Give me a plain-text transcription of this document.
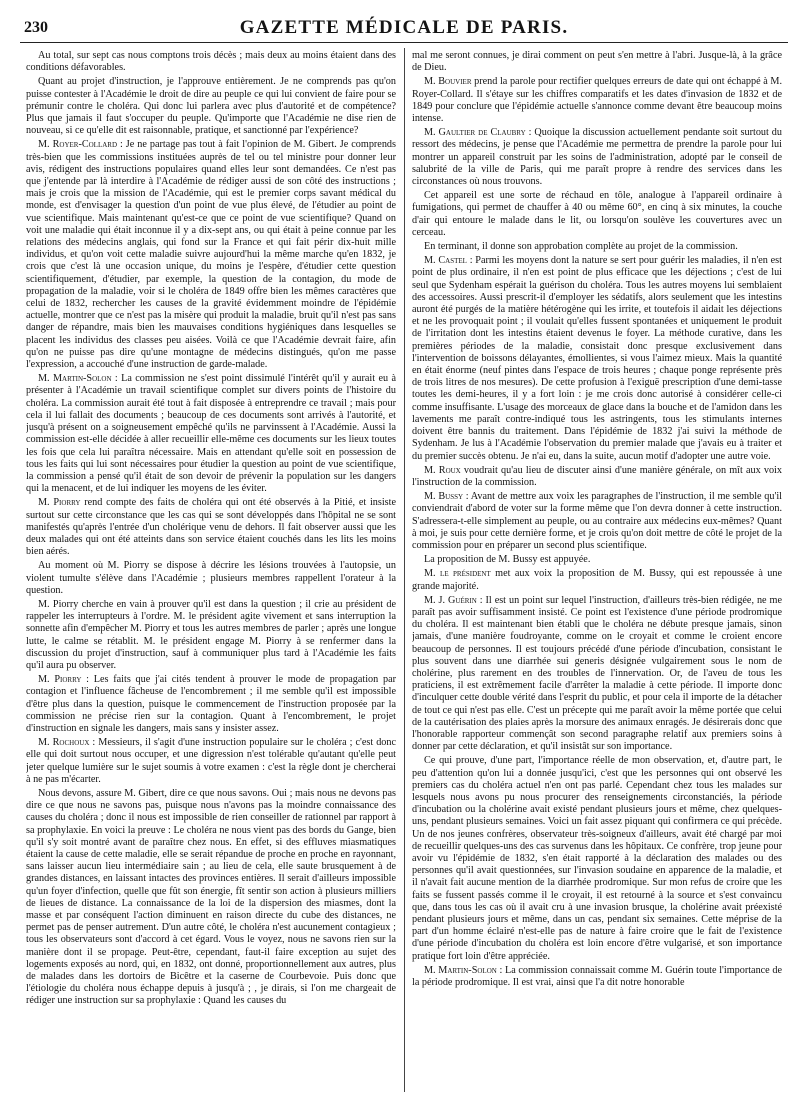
230	GAZETTE MÉDICALE DE PARIS.

Au total, sur sept cas nous comptons trois décès ; mais deux au moins étaient dans des conditions défavorables.

Quant au projet d'instruction, je l'approuve entièrement. Je ne comprends pas qu'on puisse contester à l'Académie le droit de dire au peuple ce qui lui convient de faire pour se prémunir contre le choléra. Qui donc lui parlera avec plus d'autorité et de compétence? Plus que jamais il faut s'occuper du peuple. Qu'importe que l'Académie ne dise rien de nouveau, si ce qu'elle dit est raisonnable, pratique, et sanctionné par l'expérience?

M. Royer-Collard : Je ne partage pas tout à fait l'opinion de M. Gibert. Je comprends très-bien que les commissions instituées auprès de tel ou tel ministre pour donner leur avis, rédigent des instructions populaires quand elles leur sont demandées. Ce n'est pas que j'entende par là interdire à l'Académie de rédiger aussi de son côté des instructions ; mais je crois que la mission de l'Académie, qui est le premier corps savant médical du monde, est d'envisager la question d'un point de vue plus élevé, de l'étudier au point de vue scientifique. Mais maintenant qu'est-ce que ce point de vue scientifique? Quand on voit une maladie qui était inconnue il y a dix-sept ans, ou qui était à peine connue par les relations des médecins anglais, qui fond sur la France et qui fait périr dix-huit mille individus, et qu'on voit cette maladie suivre aujourd'hui la même marche qu'en 1832, je crois que c'est là une occasion unique, du moins je l'espère, d'étudier cette question scientifiquement, d'étudier, par exemple, la question de la contagion, du mode de propagation de la maladie, voir si le choléra de 1849 offre bien les mêmes caractères que celui de 1832, rechercher les causes de la gravité évidemment moindre de l'épidémie actuelle, montrer que ce n'est pas la misère qui produit la maladie, bruit qu'il n'est pas sans danger de répandre, mais bien les mauvaises conditions hygiéniques dans lesquelles se placent les individus des classes peu aisées. Voilà ce que l'Académie devrait faire, afin qu'on ne puisse pas dire qu'une montagne de médecins distingués, qu'on me passe l'expression, a accouché d'une instruction de garde-malade.

M. Martin-Solon : La commission ne s'est point dissimulé l'intérêt qu'il y aurait eu à présenter à l'Académie un travail scientifique complet sur divers points de l'histoire du choléra. La commission aurait été tout à fait disposée à entreprendre ce travail ; mais pour cela il lui fallait des documents ; beaucoup de ces documents sont arrivés à l'autorité, et jusqu'à présent on a soigneusement empêché qu'ils ne parvinssent à l'Académie. Aussi la commission est-elle décidée à aller recueillir elle-même ces documents sur les lieux toutes les fois que cela lui paraîtra nécessaire. Mais en attendant qu'elle soit en possession de tous les faits qui lui sont nécessaires pour étudier la question au point de vue scientifique, la commission a pensé qu'il était de son devoir de prévenir la population sur les dangers qui la menacent, et de lui indiquer les moyens de les éviter.

M. Piorry rend compte des faits de choléra qui ont été observés à la Pitié, et insiste surtout sur cette circonstance que les cas qui se sont développés dans l'hôpital ne se sont manifestés qu'après l'entrée d'un cholérique venu de dehors. Il fait observer aussi que les deux malades qui ont été atteints dans son service étaient couchés dans les lits les moins bien aérés.

Au moment où M. Piorry se dispose à décrire les lésions trouvées à l'autopsie, un violent tumulte s'élève dans l'Académie ; plusieurs membres rappellent l'orateur à la question.

M. Piorry cherche en vain à prouver qu'il est dans la question ; il crie au président de rappeler les interrupteurs à l'ordre. M. le président agite vivement et sans interruption la sonnette afin d'empêcher M. Piorry et tous les autres membres de parler ; après une longue lutte, le calme se rétablit. M. le président engage M. Piorry à se renfermer dans la discussion du projet d'instruction, sauf à communiquer plus tard à l'Académie les faits qu'il aura pu observer.

M. Piorry : Les faits que j'ai cités tendent à prouver le mode de propagation par contagion et l'influence fâcheuse de l'encombrement ; il me semble qu'il est impossible d'être plus dans la question, puisque le commencement de l'instruction proposée par la commission ne précise rien sur la contagion. Quant à l'encombrement, le projet d'instruction en signale les dangers, mais sans y insister assez.

M. Rochoux : Messieurs, il s'agit d'une instruction populaire sur le choléra ; c'est donc elle qui doit surtout nous occuper, et une digression n'est tolérable qu'autant qu'elle peut jeter quelque lumière sur le sujet soumis à votre examen : c'est la règle dont je chercherai à ne pas m'écarter.

Nous devons, assure M. Gibert, dire ce que nous savons. Oui ; mais nous ne devons pas dire ce que nous ne savons pas, puisque nous n'avons pas la moindre connaissance des causes du choléra ; donc il nous est impossible de rien conseiller de rationnel par rapport à sa prophylaxie. En voici la preuve : Le choléra ne nous vient pas des bords du Gange, bien qu'il s'y soit montré avant de paraître chez nous. En effet, si des effluves miasmatiques étaient la cause de cette maladie, elle se serait répandue de proche en proche en rayonnant, sans laisser aucun lieu intermédiaire sain ; au lieu de cela, elle saute brusquement à de grandes distances, en laissant intactes des provinces entières. Il serait d'ailleurs impossible qu'un foyer d'infection, quelle que fût son énergie, fît sentir son action à plusieurs milliers de lieues de distance. La connaissance de la loi de la dispersion des miasmes, dont la masse et par conséquent l'action diminuent en raison directe du cube des distances, ne permet pas de penser autrement. D'un autre côté, le choléra n'est aucunement contagieux ; tous les observateurs sont d'accord à cet égard. Vous le voyez, nous ne savons rien sur la manière dont il se propage. Peut-être, cependant, faut-il faire exception au sujet des logements exposés au nord, qui, en 1832, ont donné, proportionnellement aux autres, plus de malades dans les dortoirs de Bicêtre et la caserne de Courbevoie. Puis donc que l'étiologie du choléra nous échappe depuis à jusqu'à ; , je dirais, si l'on me chargeait de rédiger une instruction sur sa prophylaxie : Quand les causes du

mal me seront connues, je dirai comment on peut s'en mettre à l'abri. Jusque-là, à la grâce de Dieu.

M. Bouvier prend la parole pour rectifier quelques erreurs de date qui ont échappé à M. Royer-Collard. Il s'étaye sur les chiffres comparatifs et les dates d'invasion de 1832 et de 1849 pour conclure que l'épidémie actuelle s'annonce comme devant être beaucoup moins intense.

M. Gaultier de Claubry : Quoique la discussion actuellement pendante soit surtout du ressort des médecins, je pense que l'Académie me permettra de prendre la parole pour lui montrer un appareil construit par les soins de l'administration, adopté par le conseil de salubrité de la ville de Paris, qui me paraît propre à rendre des services dans les circonstances où nous trouvons.

Cet appareil est une sorte de réchaud en tôle, analogue à l'appareil ordinaire à fumigations, qui permet de chauffer à 40 ou même 60°, en cinq à six minutes, la couche d'air qui entoure le malade dans le lit, ou lorsqu'on soulève les couvertures avec un cerceau.

En terminant, il donne son approbation complète au projet de la commission.

M. Castel : Parmi les moyens dont la nature se sert pour guérir les maladies, il n'en est point de plus ordinaire, il n'en est point de plus efficace que les déjections ; c'est de lui seul que Sydenham espérait la guérison du choléra. Tous les autres moyens lui semblaient des accessoires. Aussi prescrit-il d'employer les sédatifs, alors seulement que les intestins auront été purgés de la matière hétérogène qui les irrite, et toutefois il aidait les déjections et ne les provoquait point ; il voulait qu'elles fussent spontanées et uniquement le produit de l'irritation dont les intestins étaient devenus le foyer. La méthode curative, dans les premières périodes de la maladie, consistait donc presque exclusivement dans l'intervention de boissons délayantes, émollientes, si vous l'aimez mieux. Mais la quantité en était énorme (neuf pintes dans l'espace de trois heures ; chaque ponge représente près de trois litres de nos mesures). De cette profusion à l'exiguë prescription d'une demi-tasse toutes les demi-heures, il y a fort loin : je me crois donc autorisé à considérer celle-ci comme insuffisante. L'usage des morceaux de glace dans la bouche et de l'amidon dans les lavements me paraît contre-indiqué tous les astringents, tous les stimulants internes doivent être bannis du traitement. Dans l'épidémie de 1832 j'ai suivi la méthode de Sydenham. Je lus à l'Académie l'observation du premier malade que j'avais eu à traiter et du premier succès obtenu. Je n'ai eu, dans la suite, aucun motif d'adopter une autre voie.

M. Roux voudrait qu'au lieu de discuter ainsi d'une manière générale, on mît aux voix l'instruction de la commission.

M. Bussy : Avant de mettre aux voix les paragraphes de l'instruction, il me semble qu'il conviendrait d'abord de voter sur la forme même que l'on devra donner à cette instruction. S'adressera-t-elle simplement au peuple, ou au contraire aux médecins eux-mêmes? Quant à moi, je suis pour cette dernière forme, et je crois qu'on doit mettre de côté le projet de la commission pour en préparer un second plus scientifique.

La proposition de M. Bussy est appuyée.

M. le président met aux voix la proposition de M. Bussy, qui est repoussée à une grande majorité.

M. J. Guérin : Il est un point sur lequel l'instruction, d'ailleurs très-bien rédigée, ne me paraît pas avoir suffisamment insisté. Ce point est l'existence d'une période prodromique du choléra. Il est maintenant bien établi que le choléra ne débute presque jamais, sinon jamais, d'une manière foudroyante, comme on le croyait et comme le croient encore beaucoup de personnes. Il est toujours précédé d'une période d'incubation, consistant le plus souvent dans une diarrhée sui generis désignée vulgairement sous le nom de cholérine, plus rarement en des troubles de l'innervation. Or, de l'aveu de tous les praticiens, il est extrêmement facile d'arrêter la maladie à cette période. Il importe donc d'inculquer cette double vérité dans l'esprit du public, et pour cela il importe de la détacher de tout ce qui n'est pas elle. C'est un précepte qui me paraît avoir la même portée que celui de la cautérisation des plaies après la morsure des animaux enragés. Je désirerais donc que l'honorable rapporteur commençât son second paragraphe relatif aux premiers soins à donner par cette déclaration, et qu'il insistât sur son importance.

Ce qui prouve, d'une part, l'importance réelle de mon observation, et, d'autre part, le peu d'attention qu'on lui a donnée jusqu'ici, c'est que les personnes qui ont observé les premiers cas du choléra actuel n'en ont pas parlé. Cependant chez tous les malades sur lesquels nous avons pu nous procurer des renseignements circonstanciés, la période d'incubation ou la cholérine avait existé pendant plusieurs jours et même, chez quelques-uns, pendant plusieurs semaines. Voici un fait assez piquant qui confirmera ce qui précède. Un de nos jeunes confrères, observateur très-soigneux d'ailleurs, avait été chargé par moi de recueillir quelques-uns des cas survenus dans les hôpitaux. Ce confrère, trop jeune pour avoir vu l'épidémie de 1832, s'en était rapporté à la déclaration des malades ou des personnes qu'il avait questionnées, sur l'invasion soudaine en apparence de la maladie, et il n'avait fait aucune mention de la diarrhée prodromique. Sur mon refus de croire que les faits se fussent passés comme il le croyait, il est retourné à la source et s'est convaincu que, dans tous les cas où il avait cru à une invasion brusque, la cholérine avait préexisté pendant plusieurs jours et même, dans un cas, pendant six semaines. Cette méprise de la part d'un homme éclairé n'est-elle pas de nature à faire croire que le fait de l'existence d'une période d'incubation du choléra est loin encore d'être vulgarisé, et son importance pratique fort loin d'être appréciée.

M. Martin-Solon : La commission connaissait comme M. Guérin toute l'importance de la période prodromique. Il est vrai, ainsi que l'a dit notre honorable
